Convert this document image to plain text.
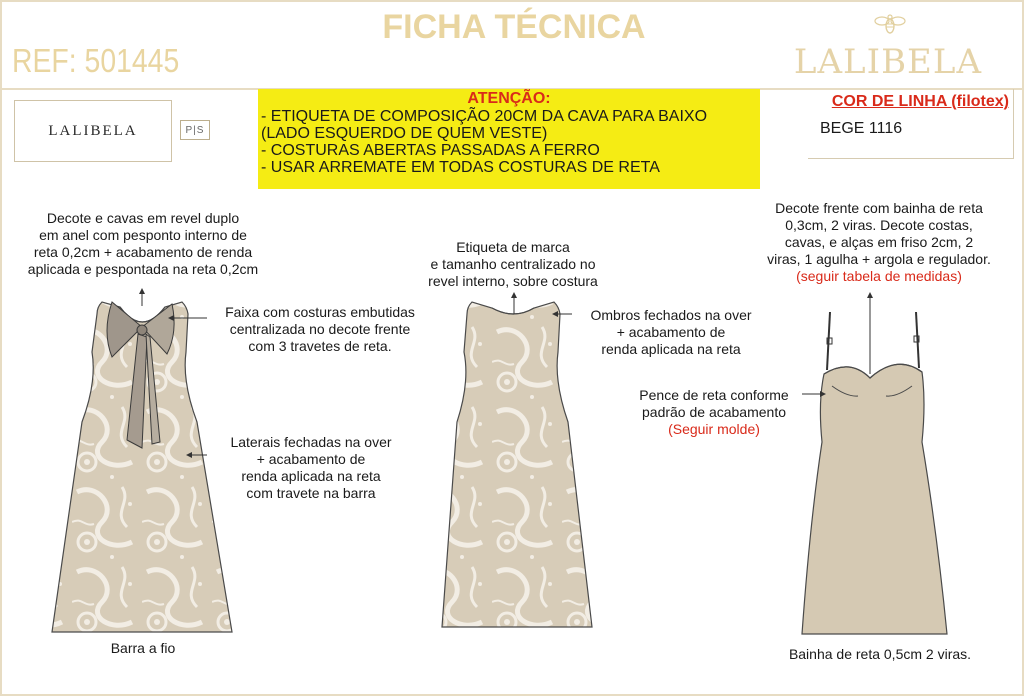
FICHA TÉCNICA
REF: 501445	LALIBELA
LALIBELA	P|S
ATENÇÃO:
- ETIQUETA DE COMPOSIÇÃO 20CM DA CAVA PARA BAIXO
(LADO ESQUERDO DE QUEM VESTE)
- COSTURAS ABERTAS PASSADAS A FERRO
- USAR ARREMATE EM TODAS COSTURAS DE RETA
COR DE LINHA (filotex)
BEGE 1116
Decote e cavas em revel duplo
em anel com pesponto interno de
reta 0,2cm + acabamento de renda
aplicada e pespontada na reta 0,2cm
Faixa com costuras embutidas
centralizada no decote frente
com 3 travetes de reta.
Laterais fechadas na over
+ acabamento de
renda aplicada na reta
com travete na barra
Barra a fio
Etiqueta de marca
e tamanho centralizado no
revel interno, sobre costura
Ombros fechados na over
+ acabamento de
renda aplicada na reta
Decote frente com bainha de reta
0,3cm, 2 viras. Decote costas,
cavas, e alças em friso 2cm, 2
viras, 1 agulha + argola e regulador.
(seguir tabela de medidas)
Pence de reta conforme
padrão de acabamento
(Seguir molde)
Bainha de reta 0,5cm 2 viras.
